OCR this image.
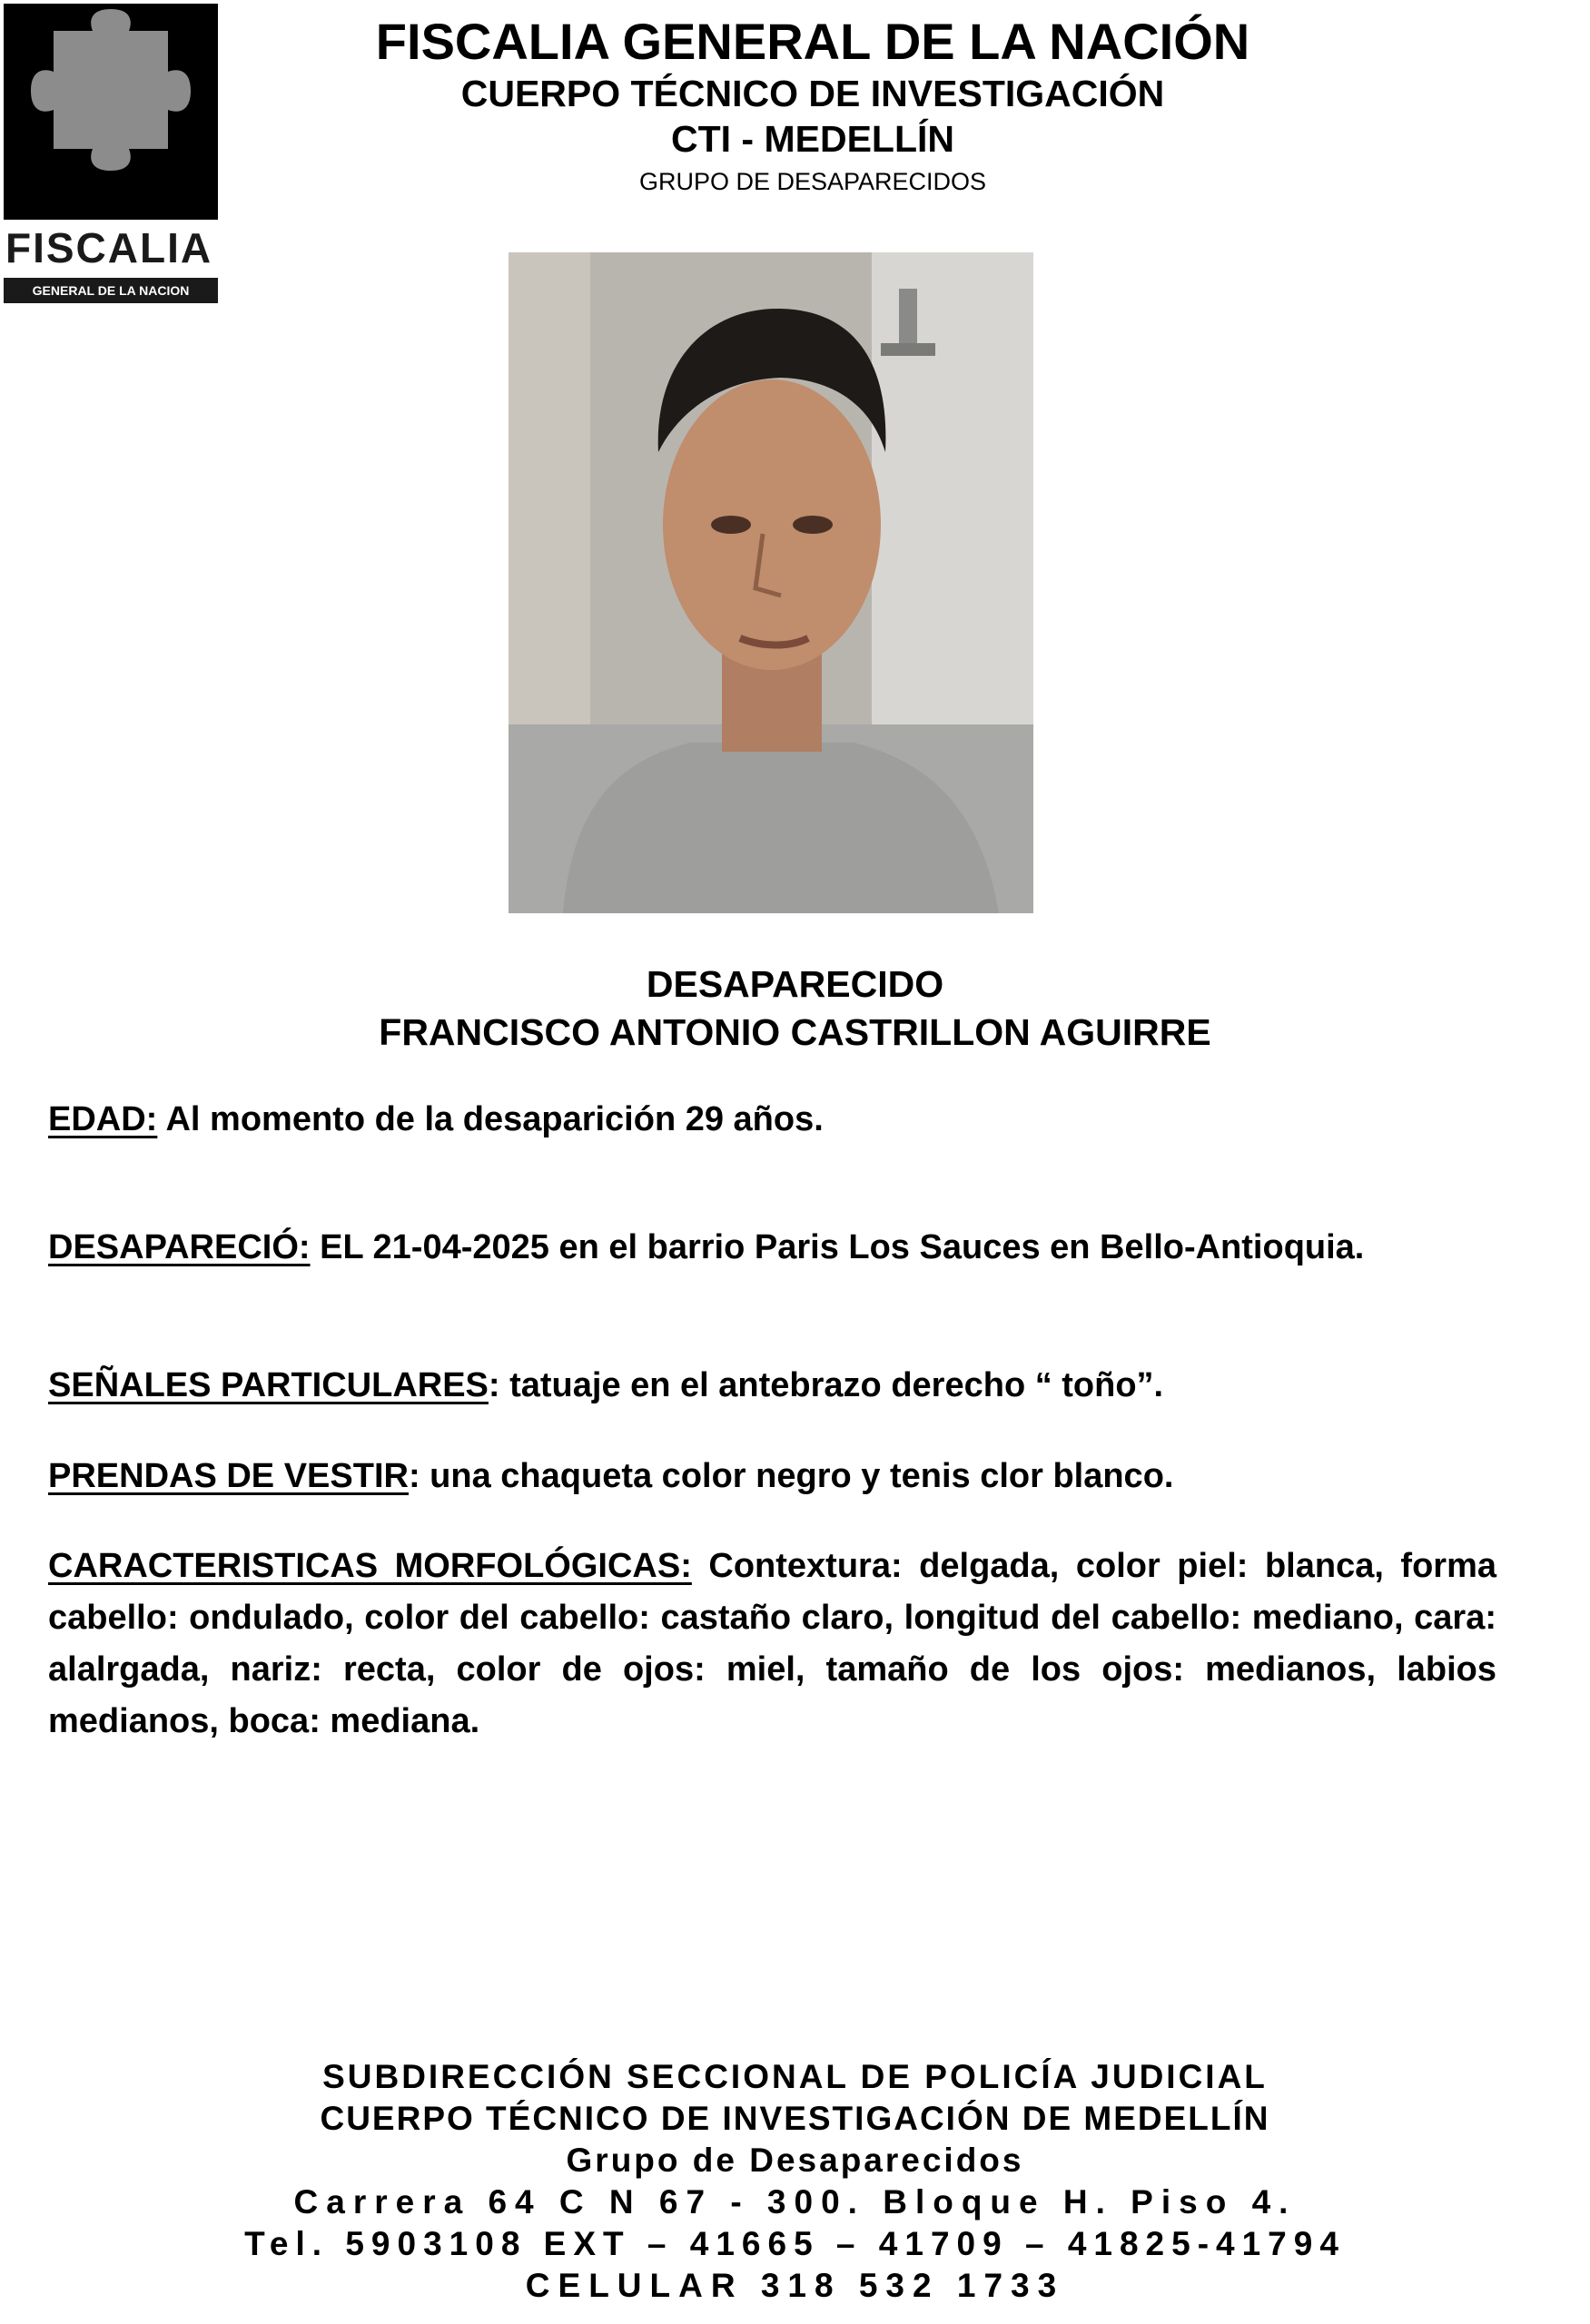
FISCALIA
GENERAL DE LA NACION
FISCALIA GENERAL DE LA NACIÓN
CUERPO TÉCNICO DE INVESTIGACIÓN
CTI - MEDELLÍN
GRUPO DE DESAPARECIDOS
DESAPARECIDO
FRANCISCO ANTONIO CASTRILLON AGUIRRE
EDAD: Al momento de la desaparición 29 años.
DESAPARECIÓ: EL 21-04-2025 en el barrio Paris Los Sauces en Bello-Antioquia.
SEÑALES PARTICULARES: tatuaje en el antebrazo derecho “ toño”.
PRENDAS DE VESTIR: una chaqueta color negro y tenis clor blanco.
CARACTERISTICAS MORFOLÓGICAS: Contextura: delgada, color piel: blanca, forma cabello: ondulado, color del cabello: castaño claro, longitud del cabello: mediano, cara: alalrgada, nariz: recta, color de ojos: miel, tamaño de los ojos: medianos, labios medianos, boca: mediana.
SUBDIRECCIÓN SECCIONAL DE POLICÍA JUDICIAL
CUERPO TÉCNICO DE INVESTIGACIÓN DE MEDELLÍN
Grupo de Desaparecidos
Carrera 64 C N 67 - 300. Bloque H. Piso 4.
Tel. 5903108 EXT – 41665 – 41709 – 41825-41794
CELULAR 318 532 1733
